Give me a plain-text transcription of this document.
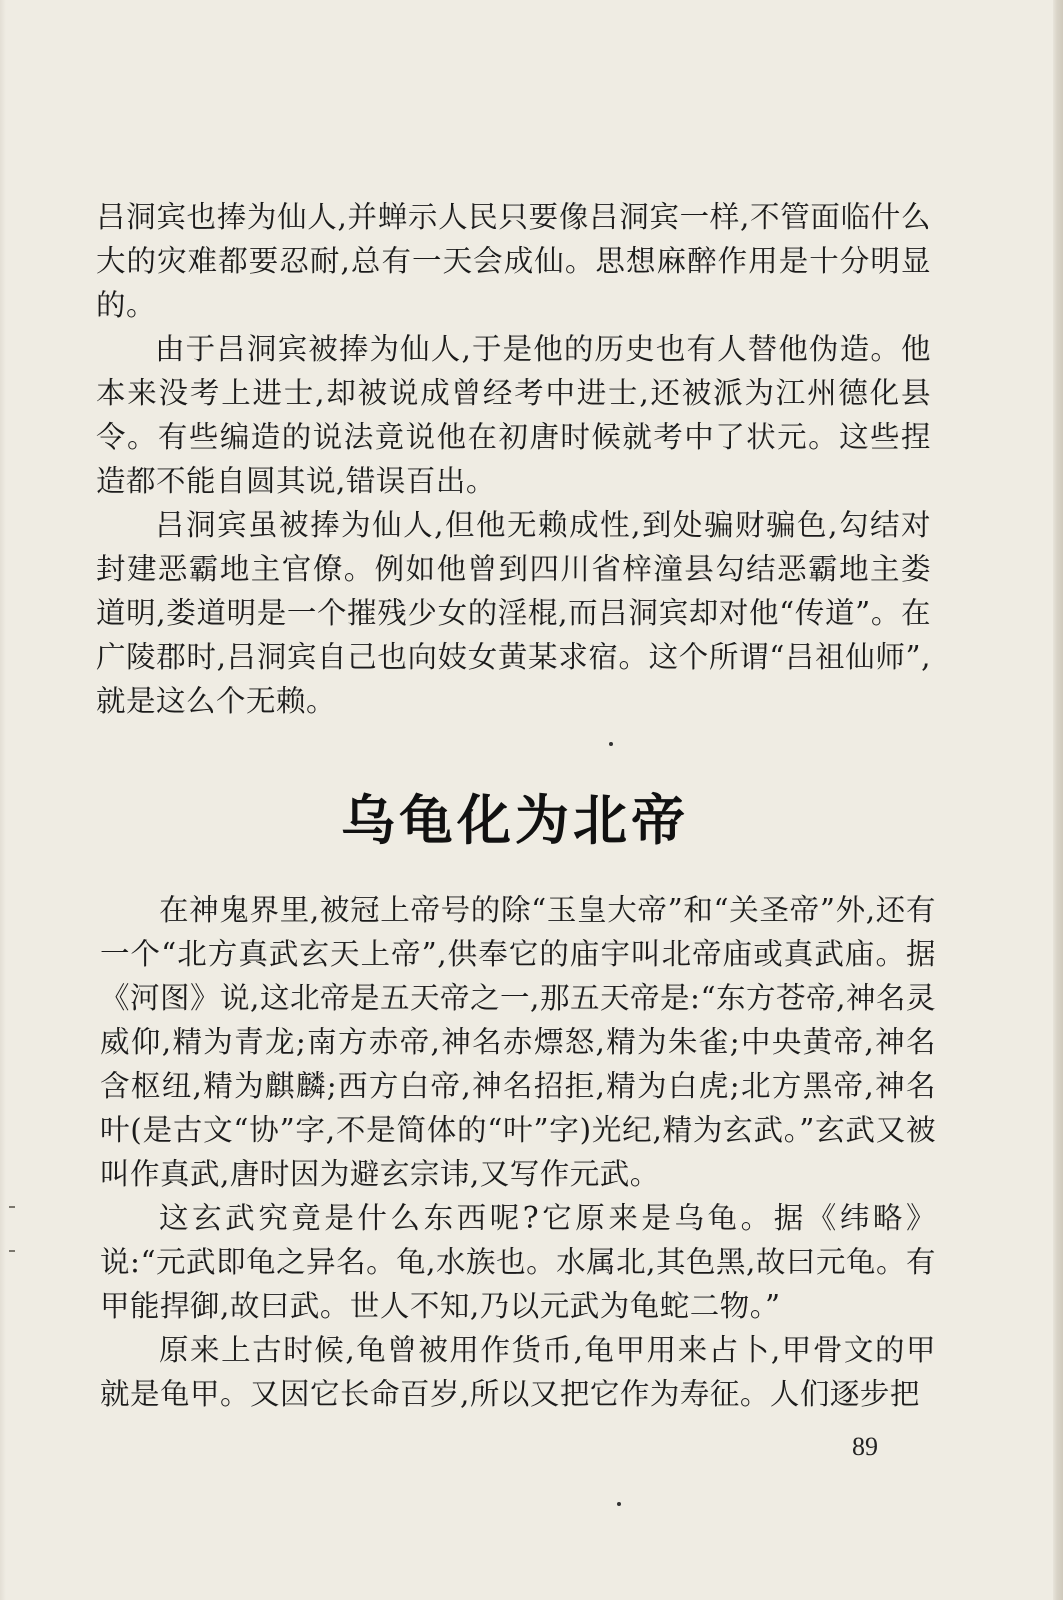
吕洞宾也捧为仙人,并蝉示人民只要像吕洞宾一样,不管面临什么大的灾难都要忍耐,总有一天会成仙。思想麻醉作用是十分明显的。

由于吕洞宾被捧为仙人,于是他的历史也有人替他伪造。他本来没考上进士,却被说成曾经考中进士,还被派为江州德化县令。有些编造的说法竟说他在初唐时候就考中了状元。这些捏造都不能自圆其说,错误百出。

吕洞宾虽被捧为仙人,但他无赖成性,到处骗财骗色,勾结对封建恶霸地主官僚。例如他曾到四川省梓潼县勾结恶霸地主娄道明,娄道明是一个摧残少女的淫棍,而吕洞宾却对他“传道”。在广陵郡时,吕洞宾自己也向妓女黄某求宿。这个所谓“吕祖仙师”,就是这么个无赖。

乌龟化为北帝

在神鬼界里,被冠上帝号的除“玉皇大帝”和“关圣帝”外,还有一个“北方真武玄天上帝”,供奉它的庙宇叫北帝庙或真武庙。据《河图》说,这北帝是五天帝之一,那五天帝是:“东方苍帝,神名灵威仰,精为青龙;南方赤帝,神名赤熛怒,精为朱雀;中央黄帝,神名含枢纽,精为麒麟;西方白帝,神名招拒,精为白虎;北方黑帝,神名叶(是古文“协”字,不是简体的“叶”字)光纪,精为玄武。”玄武又被叫作真武,唐时因为避玄宗讳,又写作元武。

这玄武究竟是什么东西呢?它原来是乌龟。据《纬略》说:“元武即龟之异名。龟,水族也。水属北,其色黑,故曰元龟。有甲能捍御,故曰武。世人不知,乃以元武为龟蛇二物。”

原来上古时候,龟曾被用作货币,龟甲用来占卜,甲骨文的甲就是龟甲。又因它长命百岁,所以又把它作为寿征。人们逐步把

89
